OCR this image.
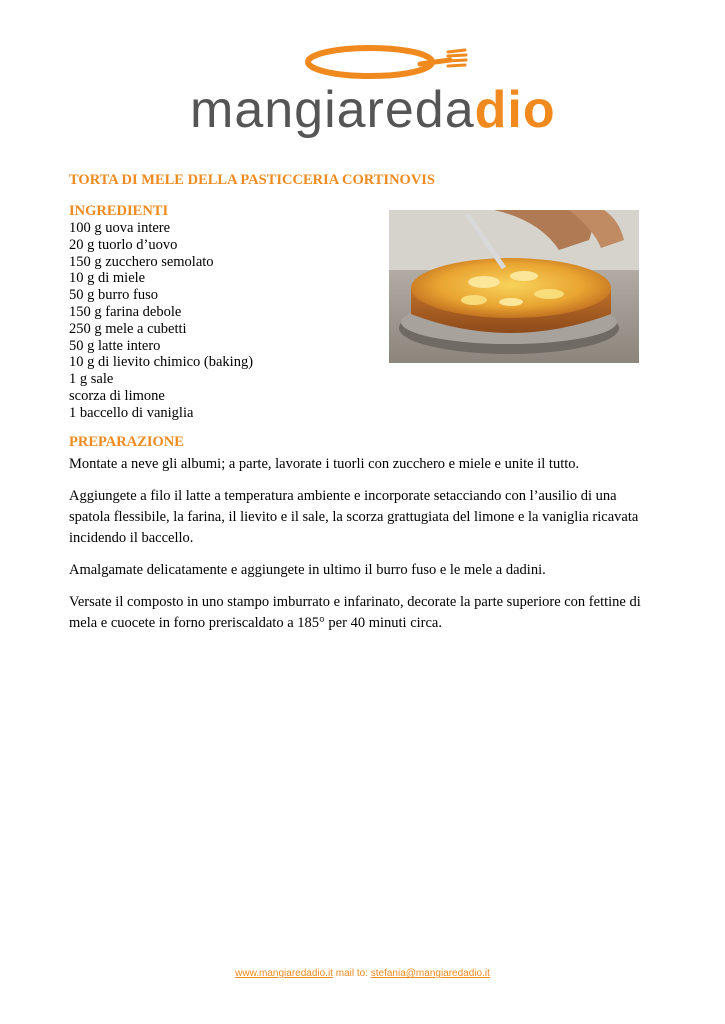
mangiaredadio
TORTA DI MELE DELLA PASTICCERIA CORTINOVIS
INGREDIENTI
100 g uova intere
20 g tuorlo d’uovo
150 g zucchero semolato
10 g di miele
50 g burro fuso
150 g farina debole
250 g mele a cubetti
50 g latte intero
10 g di lievito chimico (baking)
1 g sale
scorza di limone
1 baccello di vaniglia
PREPARAZIONE

Montate a neve gli albumi; a parte, lavorate i tuorli con zucchero e miele e unite il tutto.

Aggiungete a filo il latte a temperatura ambiente e incorporate setacciando con l’ausilio di una spatola flessibile, la farina, il lievito e il sale, la scorza grattugiata del limone e la vaniglia ricavata incidendo il baccello.

Amalgamate delicatamente e aggiungete in ultimo il burro fuso e le mele a dadini.

Versate il composto in uno stampo imburrato e infarinato, decorate la parte superiore con fettine di mela e cuocete in forno preriscaldato a 185° per 40 minuti circa.

www.mangiaredadio.it mail to: stefania@mangiaredadio.it
